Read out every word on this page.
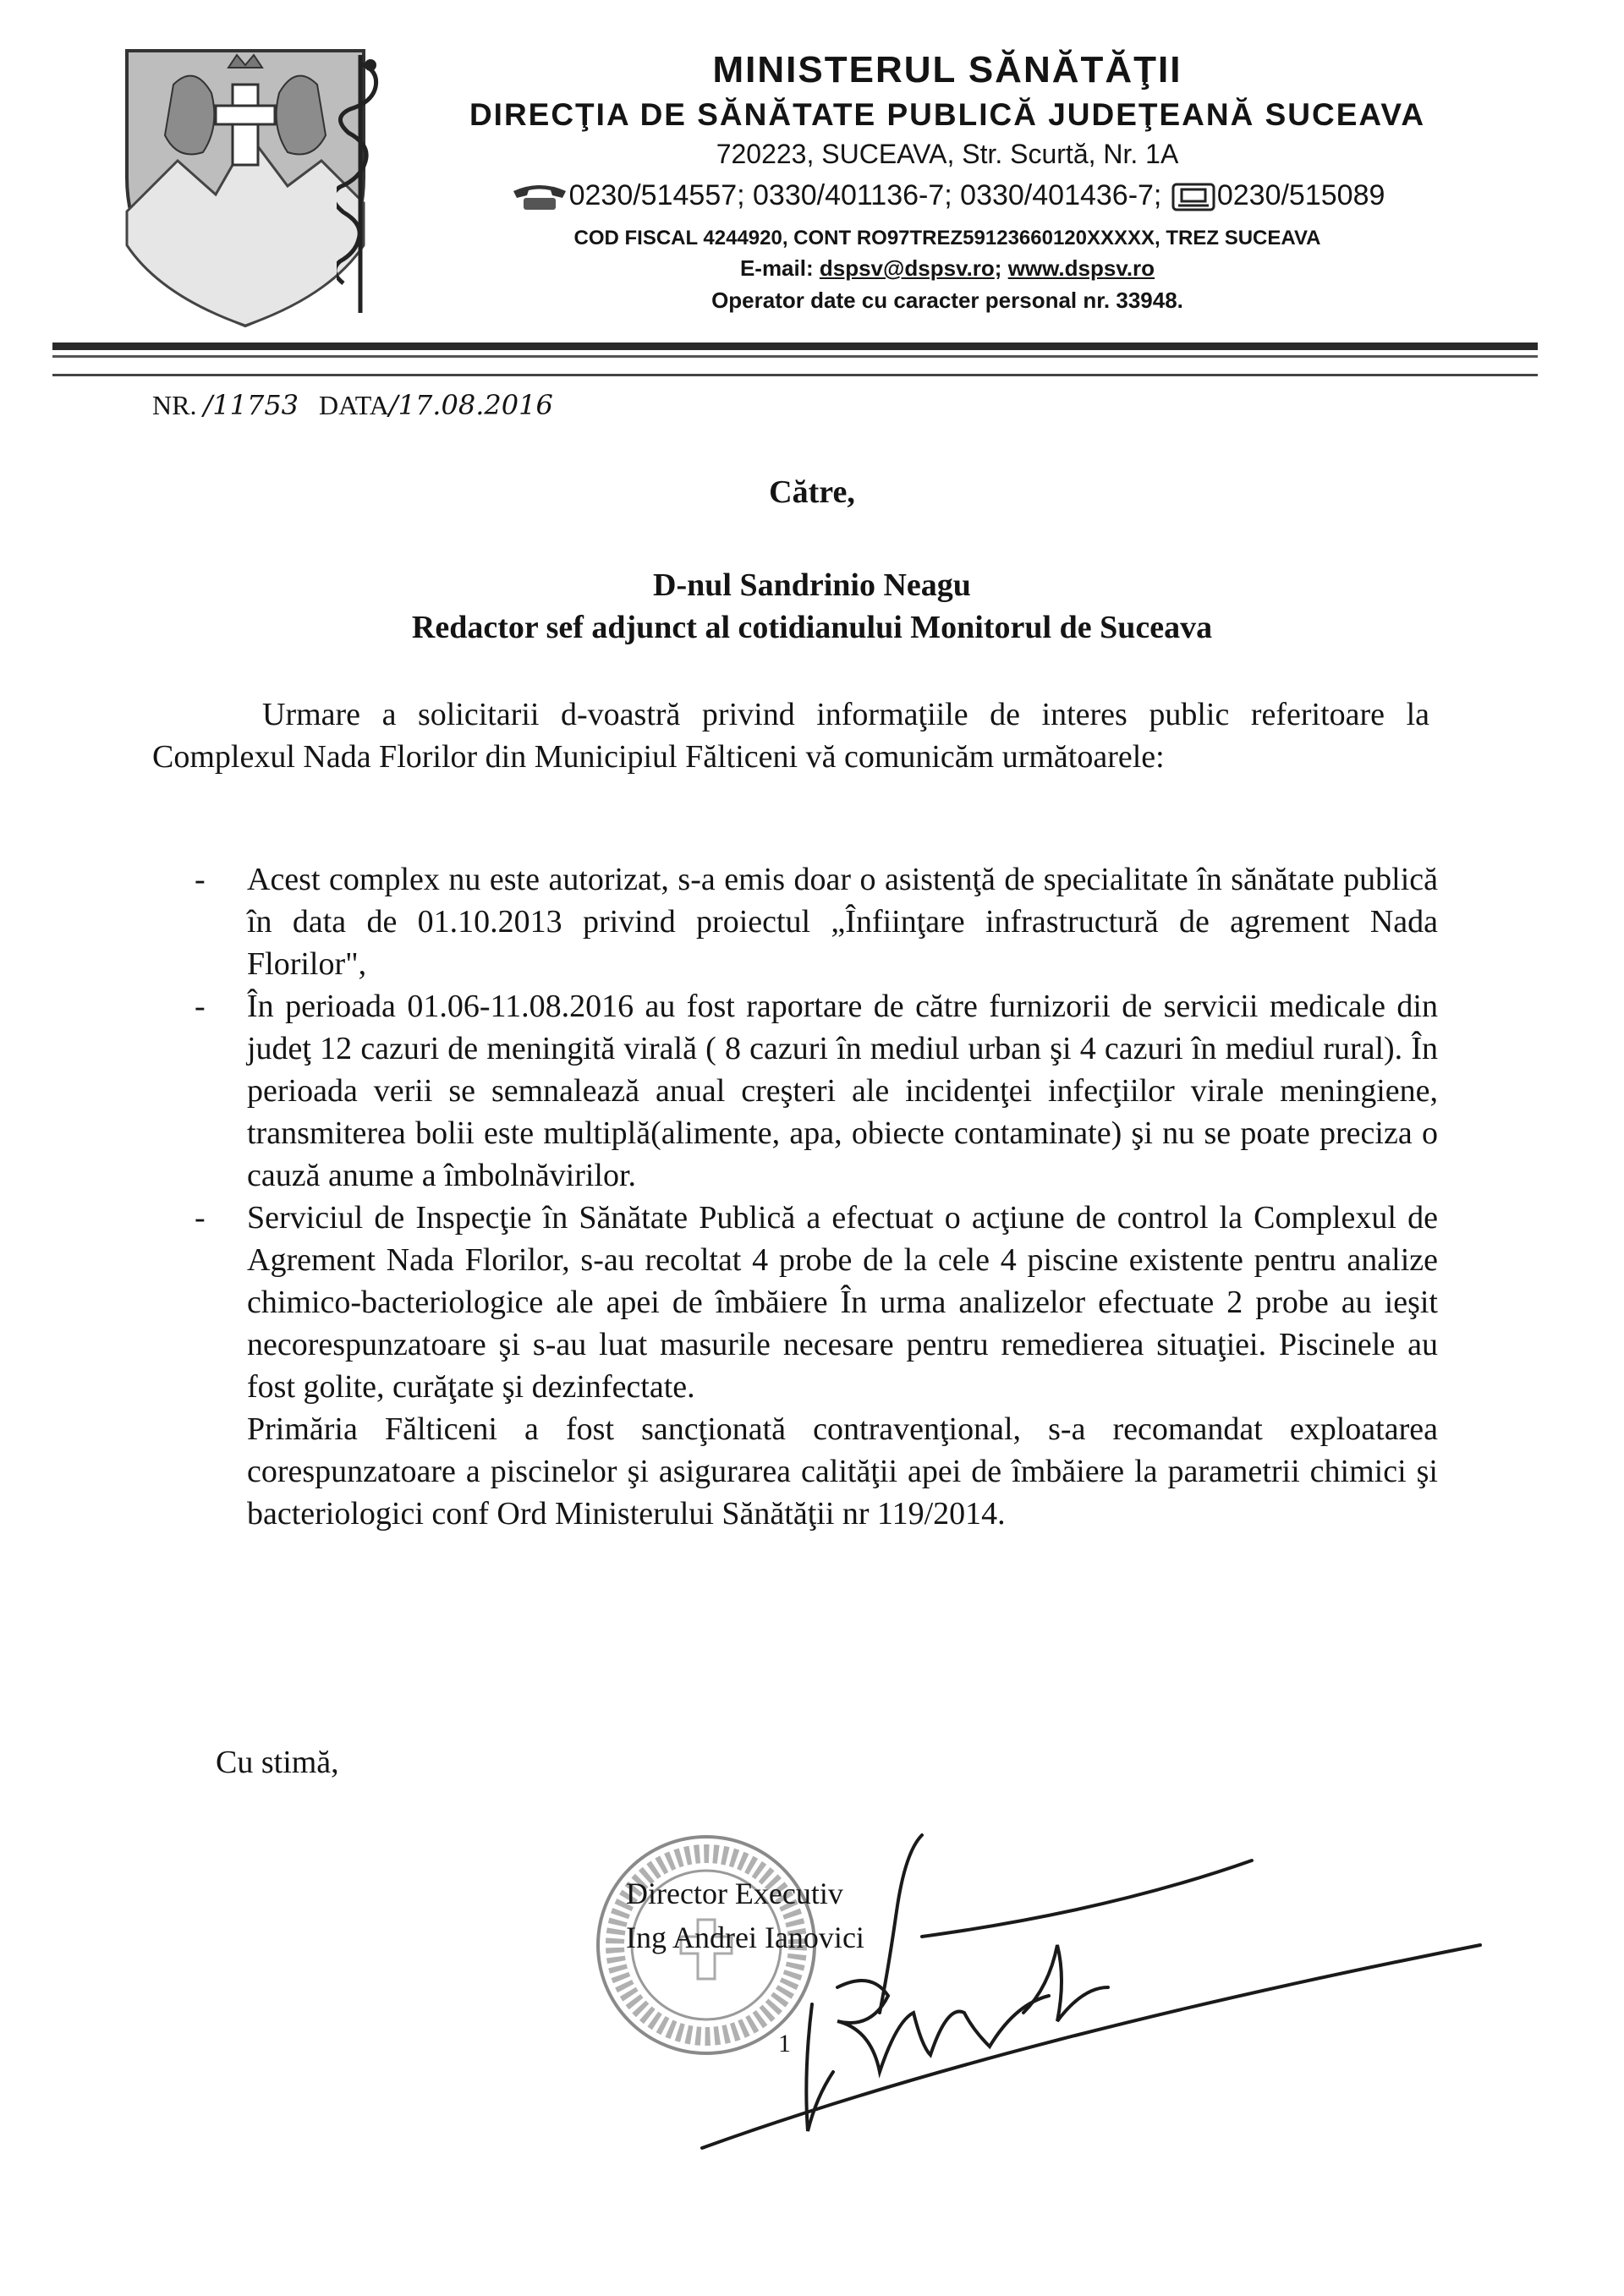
MINISTERUL SĂNĂTĂŢII
DIRECŢIA DE SĂNĂTATE PUBLICĂ JUDEŢEANĂ SUCEAVA
720223, SUCEAVA, Str. Scurtă, Nr. 1A
0230/514557; 0330/401136-7; 0330/401436-7; 0230/515089
COD FISCAL 4244920, CONT RO97TREZ59123660120XXXXX, TREZ SUCEAVA
E-mail: dspsv@dspsv.ro; www.dspsv.ro
Operator date cu caracter personal nr. 33948.
NR. /11753 DATA/17.08.2016
Către,
D-nul Sandrinio Neagu
Redactor sef adjunct al cotidianului Monitorul de Suceava
Urmare a solicitarii d-voastră privind informaţiile de interes public referitoare la Complexul Nada Florilor din Municipiul Fălticeni vă comunicăm următoarele:
- Acest complex nu este autorizat, s-a emis doar o asistenţă de specialitate în sănătate publică în data de 01.10.2013 privind proiectul „Înfiinţare infrastructură de agrement Nada Florilor",

- În perioada 01.06-11.08.2016 au fost raportare de către furnizorii de servicii medicale din judeţ 12 cazuri de meningită virală ( 8 cazuri în mediul urban şi 4 cazuri în mediul rural). În perioada verii se semnalează anual creşteri ale incidenţei infecţiilor virale meningiene, transmiterea bolii este multiplă(alimente, apa, obiecte contaminate) şi nu se poate preciza o cauză anume a îmbolnăvirilor.

- Serviciul de Inspecţie în Sănătate Publică a efectuat o acţiune de control la Complexul de Agrement Nada Florilor, s-au recoltat 4 probe de la cele 4 piscine existente pentru analize chimico-bacteriologice ale apei de îmbăiere În urma analizelor efectuate 2 probe au ieşit necorespunzatoare şi s-au luat masurile necesare pentru remedierea situaţiei. Piscinele au fost golite, curăţate şi dezinfectate.

Primăria Fălticeni a fost sancţionată contravenţional, s-a recomandat exploatarea corespunzatoare a piscinelor şi asigurarea calităţii apei de îmbăiere la parametrii chimici şi bacteriologici conf Ord Ministerului Sănătăţii nr 119/2014.

Cu stimă,
Director Executiv
Ing Andrei Ianovici
1
